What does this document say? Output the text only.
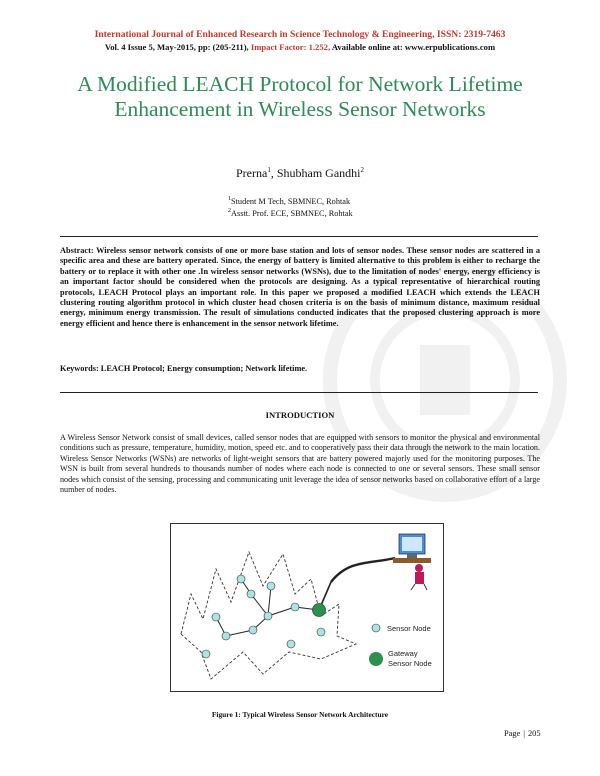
International Journal of Enhanced Research in Science Technology & Engineering, ISSN: 2319-7463
Vol. 4 Issue 5, May-2015, pp: (205-211), Impact Factor: 1.252, Available online at: www.erpublications.com
A Modified LEACH Protocol for Network Lifetime Enhancement in Wireless Sensor Networks
Prerna$^1$, Shubham Gandhi$^2$
$^1$Student M Tech, SBMNEC, Rohtak
$^2$Asstt. Prof. ECE, SBMNEC, Rohtak
Abstract: Wireless sensor network consists of one or more base station and lots of sensor nodes. These sensor nodes are scattered in a specific area and these are battery operated. Since, the energy of battery is limited alternative to this problem is either to recharge the battery or to replace it with other one .In wireless sensor networks (WSNs), due to the limitation of nodes' energy, energy efficiency is an important factor should be considered when the protocols are designing. As a typical representative of hierarchical routing protocols, LEACH Protocol plays an important role. In this paper we proposed a modified LEACH which extends the LEACH clustering routing algorithm protocol in which cluster head chosen criteria is on the basis of minimum distance, maximum residual energy, minimum energy transmission. The result of simulations conducted indicates that the proposed clustering approach is more energy efficient and hence there is enhancement in the sensor network lifetime.
Keywords: LEACH Protocol; Energy consumption; Network lifetime.
INTRODUCTION
A Wireless Sensor Network consist of small devices, called sensor nodes that are equipped with sensors to monitor the physical and environmental conditions such as pressure, temperature, humidity, motion, speed etc. and to cooperatively pass their data through the network to the main location. Wireless Sensor Networks (WSNs) are networks of light-weight sensors that are battery powered majorly used for the monitoring purposes. The WSN is built from several hundreds to thousands number of nodes where each node is connected to one or several sensors. These small sensor nodes which consist of the sensing, processing and communicating unit leverage the idea of sensor networks based on collaborative effort of a large number of nodes.
Sensor Node
Gateway
Sensor Node
Figure 1: Typical Wireless Sensor Network Architecture
Page | 205
